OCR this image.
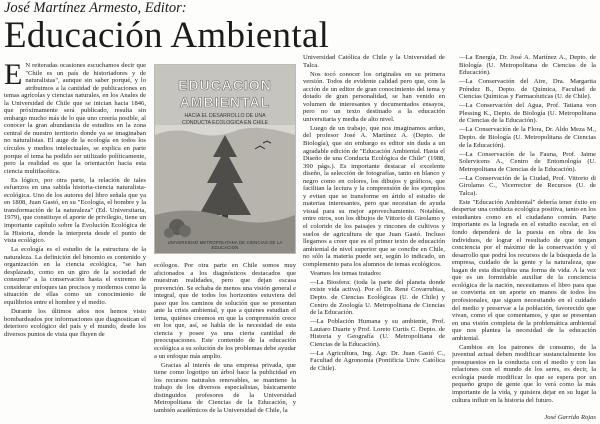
José Martínez Armesto, Editor:
Educación Ambiental

E N reiteradas ocasiones escuchamos decir que "Chile es un país de historiadores y de naturalistas", aunque sin saber porqué, y lo atribuimos a la cantidad de publicaciones en temas agrícolas y ciencias naturales, en los Anales de la Universidad de Chile que se inician hacia 1846, que próximamente será publicado, resulta sin embargo mucho más de lo que uno creería posible, al conocer la gran abundancia de estudios en la zona central de nuestro territorio donde ya se imaginaban no naturalistas. El auge de la ecología en todos los círculos y medios intelectuales, se explica en parte porque el tema ha podido ser utilizado políticamente, pero la realidad es que la orientación hacia esta ciencia multifacética.

Es lógico, por otra parte, la relación de tales esfuerzos en una sabida historia-ciencia naturalista-ecológica. Uno de los autores del libro señala que ya en 1808, Juan Gastó, en su "Ecología, el hombre y la transformación de la naturaleza" (Ed. Universitaria, 1979), que constituye el aporte de privilegio, tiene un importante capítulo sobre la Evolución Ecológica de la Historia, donde la interpreta desde el punto de vista ecológico.

La ecología es el estudio de la estructura de la naturaleza. La definición del binomio es contenido y organización en la ciencia ecológica, "se han desplazado, como en un giro de la sociedad de consumo" a la conservación hasta el extremo de considerar enfoques tan precisos y modernos como la situación de ellas como un conocimiento de equilibrios entre el hombre y el medio.

Durante los últimos años nos hemos visto bombardeados por informaciones que diagnostican el deterioro ecológico del país y el mundo, desde los diversos puntos de vista que fluyen de

EDUCACION
AMBIENTAL
HACIA EL DESARROLLO DE UNA CONDUCTA ECOLOGICA EN CHILE
UNIVERSIDAD METROPOLITANA DE CIENCIAS DE LA EDUCACION

ecólogos. Por otra parte en Chile somos muy aficionados a los diagnósticos destacados que muestran realidades, pero que dejan escasa prevención. Se echaba de menos una visión general e integral, que de todos los horizontes estuviera del paso que los caminos de solución que se presentan ante la crisis ambiental, y que a quienes estudian el tema, quiénes creemos en que la comprensión crece en los que, así, se habla de la necesidad de esta ciencia y posee ya una cierta cantidad de preocupaciones. Este contenido de la educación ecológica a su solución de los problemas debe ayudar a un enfoque más amplio.

Gracias al interés de una empresa privada, que tiene como logotipo un árbol hace la publicidad en los recursos naturales renovables, se mantiene la trabajo de los diversos especialistas, básicamente distinguidos profesores de la Universidad Metropolitana de Ciencias de la Educación, y también académicos de la Universidad de Chile, la

Universidad Católica de Chile y la Universidad de Talca.

Nos tocó conocer los originales en su primera versión. Todos de evidente calidad pero que, con la acción de un editor de gran conocimiento del tema y dotado de gran personalidad, se han venido en volumen de interesantes y documentados ensayos, pero no un texto destinado a la educación universitaria y media de alto nivel.

Luego de un trabajo, que nos imaginamos arduo, del profesor José A. Martínez A. (Depto. de Biología), que sin embargo es editor sin duda a un agradable edición de "Educación Ambiental. Hasta el Diseño de una Conducta Ecológica de Chile" (1988, 390 págs.). Es importante destacar el excelente diseño, la selección de fotografías, tanto en blanco y negro como en colores, los dibujos y gráficos, que facilitan la lectura y la comprensión de los ejemplos y evitan que se transforme en árido el estudio de materias interesantes, pero que necesitan de ayuda visual para su mejor aprovechamiento. Notables, entre otros, son los dibujos de Vittorio di Girolamo y el colorido de los paisajes y rincones de cultivos y suelos de agricultura de que Juan Gastó. Incluso llegamos a creer que es el primer texto de educación ambiental de nivel superior que se concibe en Chile, no sólo la materia puede ser, según lo indicado, un complemento para los alumnos de temas ecológicos.

Veamos los temas tratados:

—La Biosfera: (toda la parte del planeta donde existe vida activa). Por el Dr. René Covarrubias, Depto. de Ciencias Ecológicas (U. de Chile) y Centro de Zoología U. Metropolitana de Ciencias de la Educación.

—La Población Humana y su ambiente, Prof. Lautaro Duarte y Prof. Loreto Curtis C. Depto. de Historia y Geografía (U. Metropolitana de Ciencias de la Educación).

—La Agricultura, Ing. Agr. Dr. Juan Gastó C., Facultad de Agronomía (Pontificia Univ. Católica de Chile).

—La Energía, Dr. José A. Martínez A., Depto. de Biología (U. Metropolitana de Ciencias de la Educación).

—La Conservación del Aire, Dra. Margarita Préndez B., Depto. de Química, Facultad de Ciencias Químicas y Farmacéuticas (U. de Chile).

—La Conservación del Agua, Prof. Tatiana von Plessing K., Depto. de Biología (U. Metropolitana de Ciencias de la Educación).

—La Conservación de la Flora, Dr. Aldo Meza M., Depto. de Biología (U. Metropolitana de Ciencias de la Educación).

—La Conservación de la Fauna, Prof. Jaime Solervicens A., Centro de Entomología (U. Metropolitana de Ciencias de la Educación).

—La Conservación de la Ciudad, Prof. Vittorio di Girolamo C., Vicerrector de Recursos (U. de Talca).

Este "Educación Ambiental" debería tener éxito en despertar una conducta ecológica positiva, tanto en los estudiantes como en el ciudadano común. Parte importante es la lograda en el estudio escolar, en el fondo dependerá de la puesta en obra de los individuos, de lograr el resultado de que tengan conciencia por el máximo de la conservación y el desarrollo que podrá los recursos de la búsqueda de la empresa, cuidado de la gente y la naturaleza, que hagan de esta disciplina una forma de vida. A la vez que es un formidable auxiliar de la conciencia ecológica de la nación, necesitamos el libro para que se convierta en un aporte en manos de todos los profesionales, que siguen necesitando en el cuidado del medio y preservar a la población, favorecido que vivan, como el que comentamos, y que se presentan en una visión completa de la problemática ambiental que nos plantea la necesidad de la educación ambiental.

Cambios en los patrones de consumo, de la juventud actual deben modificar sustancialmente los presupuestos en la conducta con el medio y con las relaciones con el mundo de los seres, es decir, la ecología puede modificar lo que se espera por un pequeño grupo de gente que lo verá como la más importante de la vida, y quisiera dejar en su lugar la cultura influir en la historia del futuro.

José Garrido Rojas
